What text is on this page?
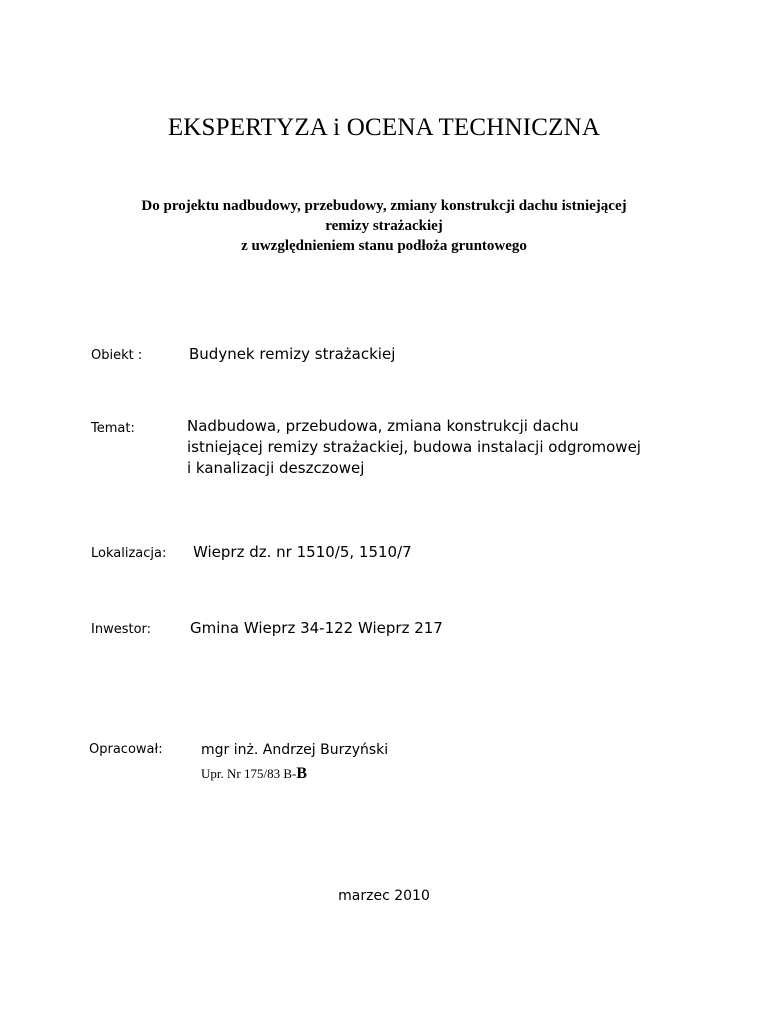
EKSPERTYZA i OCENA TECHNICZNA
Do projektu nadbudowy, przebudowy, zmiany konstrukcji dachu istniejącej
remizy strażackiej
z uwzględnieniem stanu podłoża gruntowego
Obiekt :	Budynek remizy strażackiej
Temat:	Nadbudowa, przebudowa, zmiana konstrukcji dachu
istniejącej remizy strażackiej, budowa instalacji odgromowej
i kanalizacji deszczowej
Lokalizacja: Wieprz dz. nr 1510/5, 1510/7
Inwestor:	Gmina Wieprz 34-122 Wieprz 217
Opracował:	mgr inż. Andrzej Burzyński
Upr. Nr 175/83 B-B
marzec 2010
